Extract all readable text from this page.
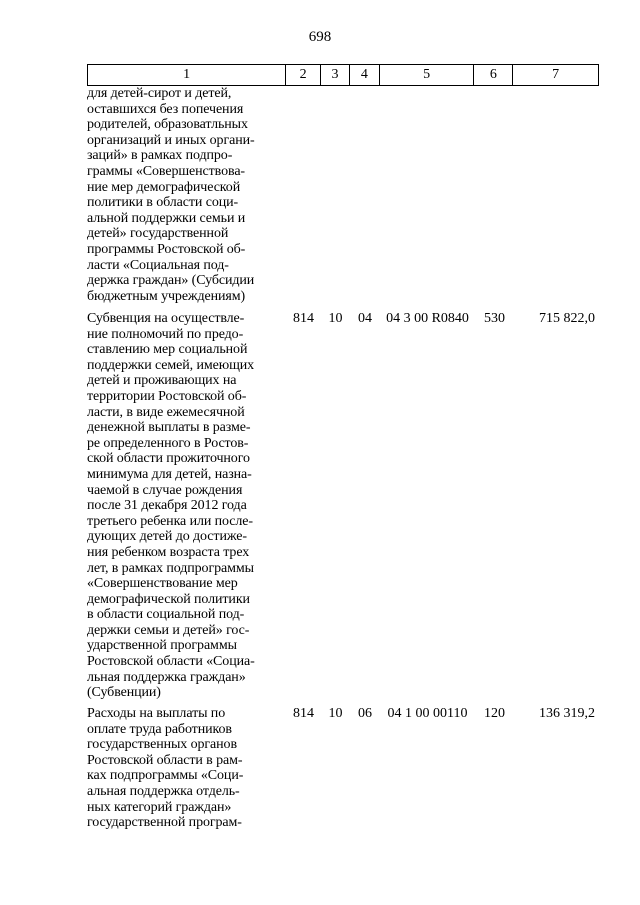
698
1	2	3	4	5	6	7
для детей-сирот и детей,
оставшихся без попечения
родителей, образоватльных
организаций и иных органи-
заций» в рамках подпро-
граммы «Совершенствова-
ние мер демографической
политики в области соци-
альной поддержки семьи и
детей» государственной
программы Ростовской об-
ласти «Социальная под-
держка граждан» (Субсидии
бюджетным учреждениям)
Субвенция на осуществле-
ние полномочий по предо-
ставлению мер социальной
поддержки семей, имеющих
детей и проживающих на
территории Ростовской об-
ласти, в виде ежемесячной
денежной выплаты в разме-
ре определенного в Ростов-
ской области прожиточного
минимума для детей, назна-
чаемой в случае рождения
после 31 декабря 2012 года
третьего ребенка или после-
дующих детей до достиже-
ния ребенком возраста трех
лет, в рамках подпрограммы
«Совершенствование мер
демографической политики
в области социальной под-
держки семьи и детей» гос-
ударственной программы
Ростовской области «Социа-
льная поддержка граждан»
(Субвенции)
814	10	04	04 3 00 R0840	530	715 822,0
Расходы на выплаты по
оплате труда работников
государственных органов
Ростовской области в рам-
ках подпрограммы «Соци-
альная поддержка отдель-
ных категорий граждан»
государственной програм-
814	10	06	04 1 00 00110	120	136 319,2
